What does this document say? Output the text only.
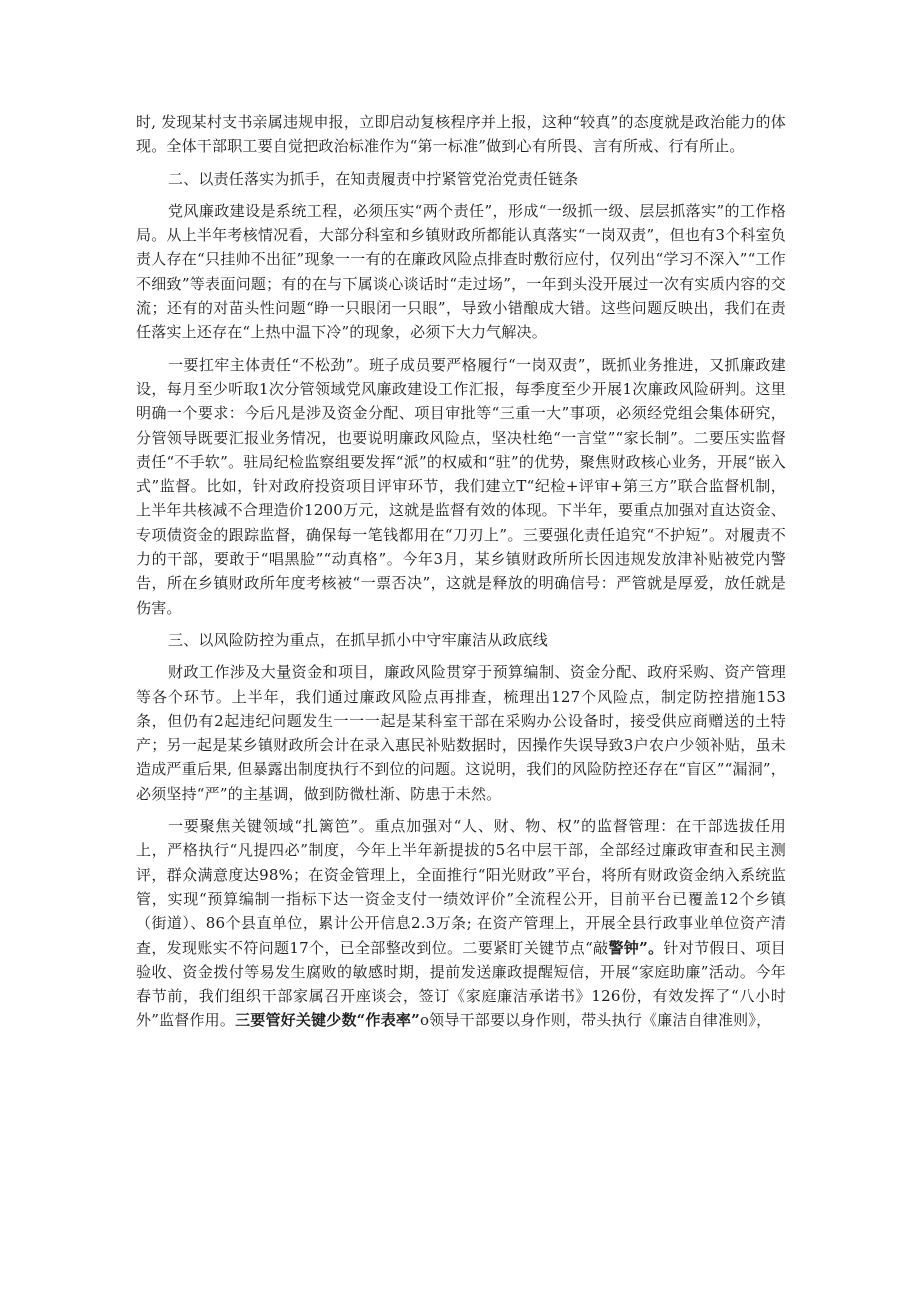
时, 发现某村支书亲属违规申报，立即启动复核程序并上报，这种“较真”的态度就是政治能力的体现。全体干部职工要自觉把政治标准作为“第一标准”做到心有所畏、言有所戒、行有所止。

二、以责任落实为抓手，在知责履责中拧紧管党治党责任链条

党风廉政建设是系统工程，必须压实“两个责任”，形成“一级抓一级、层层抓落实”的工作格局。从上半年考核情况看，大部分科室和乡镇财政所都能认真落实“一岗双责”，但也有3个科室负责人存在“只挂帅不出征”现象一一有的在廉政风险点排查时敷衍应付，仅列出“学习不深入”“工作不细致”等表面问题；有的在与下属谈心谈话时“走过场”，一年到头没开展过一次有实质内容的交流；还有的对苗头性问题“睁一只眼闭一只眼”，导致小错酿成大错。这些问题反映出，我们在责任落实上还存在“上热中温下冷”的现象，必须下大力气解决。

一要扛牢主体责任“不松劲”。班子成员要严格履行“一岗双责”，既抓业务推进，又抓廉政建设，每月至少听取1次分管领域党风廉政建设工作汇报，每季度至少开展1次廉政风险研判。这里明确一个要求：今后凡是涉及资金分配、项目审批等“三重一大”事项，必须经党组会集体研究，分管领导既要汇报业务情况，也要说明廉政风险点，坚决杜绝“一言堂”“家长制”。二要压实监督责任“不手软”。驻局纪检监察组要发挥“派”的权威和“驻”的优势，聚焦财政核心业务，开展“嵌入式”监督。比如，针对政府投资项目评审环节，我们建立T“纪检+评审+第三方”联合监督机制，上半年共核减不合理造价1200万元，这就是监督有效的体现。下半年，要重点加强对直达资金、专项债资金的跟踪监督，确保每一笔钱都用在“刀刃上”。三要强化责任追究“不护短”。对履责不力的干部，要敢于“唱黑脸”“动真格”。今年3月，某乡镇财政所所长因违规发放津补贴被党内警告，所在乡镇财政所年度考核被“一票否决”，这就是释放的明确信号：严管就是厚爱，放任就是伤害。

三、以风险防控为重点，在抓早抓小中守牢廉洁从政底线

财政工作涉及大量资金和项目，廉政风险贯穿于预算编制、资金分配、政府采购、资产管理等各个环节。上半年，我们通过廉政风险点再排查，梳理出127个风险点，制定防控措施153条，但仍有2起违纪问题发生一一一起是某科室干部在采购办公设备时，接受供应商赠送的土特产；另一起是某乡镇财政所会计在录入惠民补贴数据时，因操作失误导致3户农户少领补贴，虽未造成严重后果, 但暴露出制度执行不到位的问题。这说明，我们的风险防控还存在“盲区”“漏洞”，必须坚持“严”的主基调，做到防微杜渐、防患于未然。

一要聚焦关键领域“扎篱笆”。重点加强对“人、财、物、权”的监督管理：在干部选拔任用上，严格执行“凡提四必”制度，今年上半年新提拔的5名中层干部，全部经过廉政审查和民主测评，群众满意度达98%；在资金管理上，全面推行“阳光财政”平台，将所有财政资金纳入系统监管，实现“预算编制一指标下达一资金支付一绩效评价”全流程公开，目前平台已覆盖12个乡镇（街道）、86个县直单位，累计公开信息2.3万条; 在资产管理上，开展全县行政事业单位资产清查，发现账实不符问题17个，已全部整改到位。二要紧盯关键节点“敲警钟”。针对节假日、项目验收、资金拨付等易发生腐败的敏感时期，提前发送廉政提醒短信，开展“家庭助廉”活动。今年春节前，我们组织干部家属召开座谈会，签订《家庭廉洁承诺书》126份，有效发挥了“八小时外”监督作用。三要管好关键少数“作表率”o领导干部要以身作则，带头执行《廉洁自律准则》，
